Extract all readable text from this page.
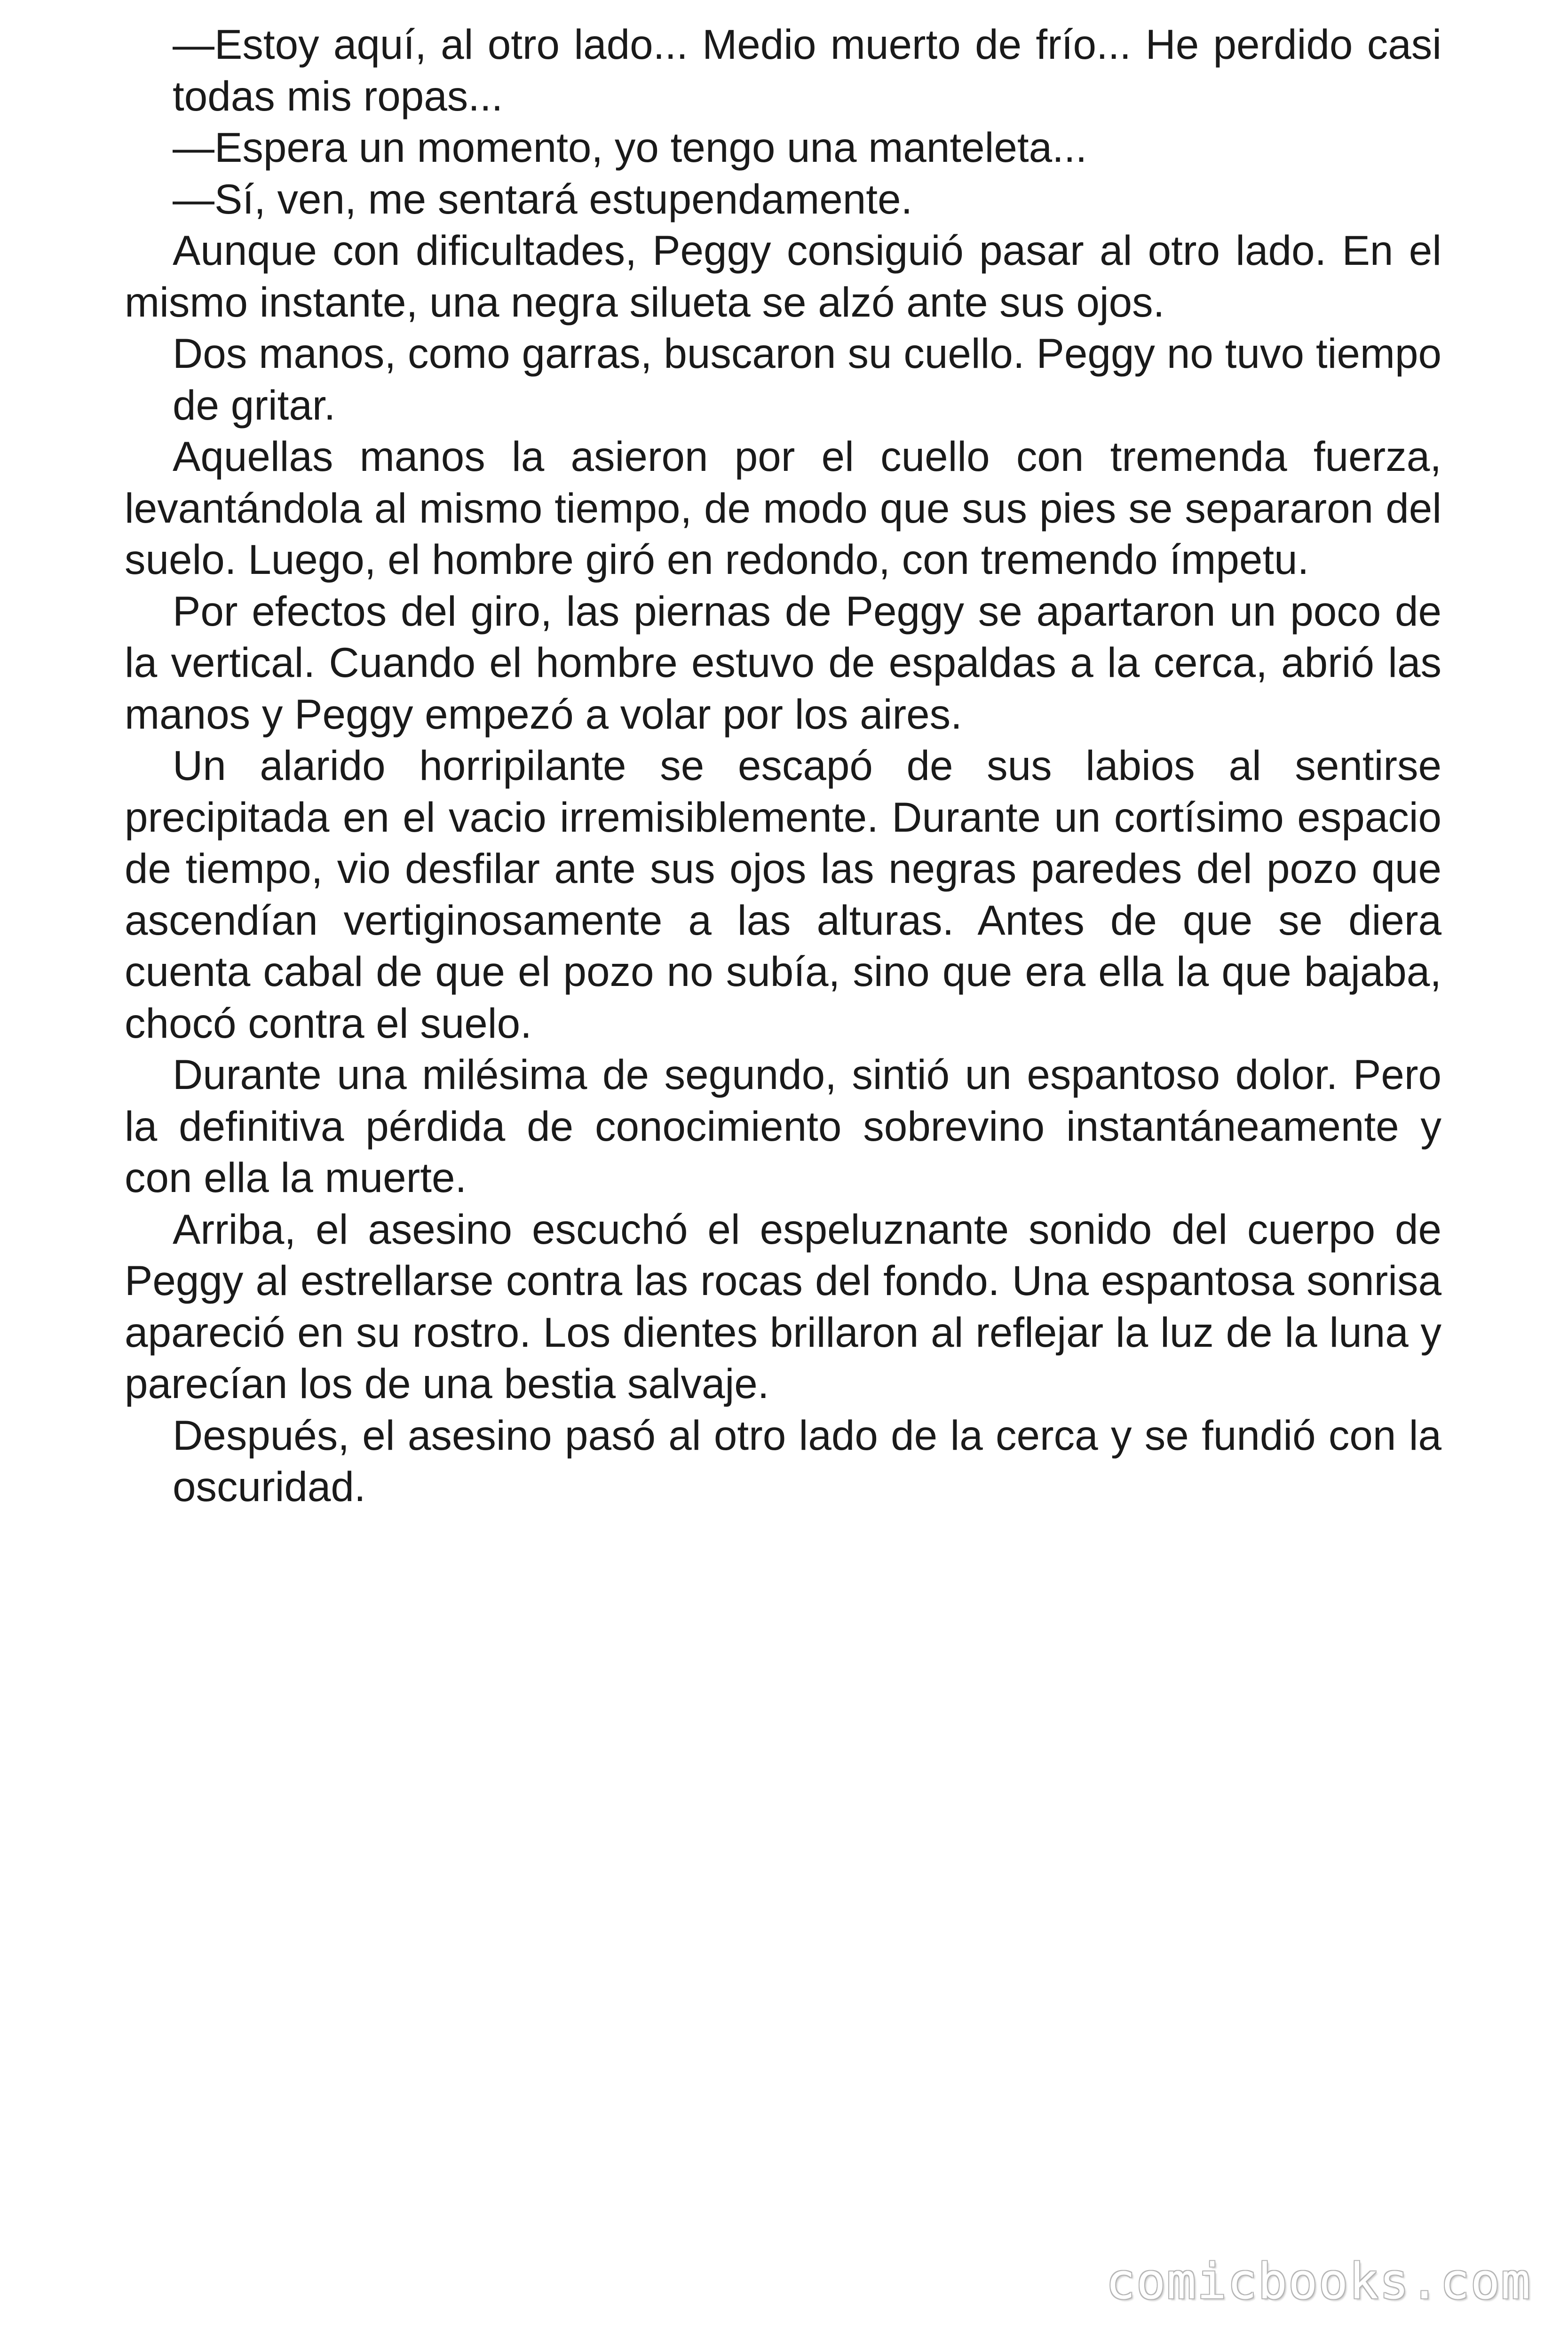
—Estoy aquí, al otro lado... Medio muerto de frío... He perdido casi todas mis ropas...

—Espera un momento, yo tengo una manteleta...

—Sí, ven, me sentará estupendamente.

Aunque con dificultades, Peggy consiguió pasar al otro lado. En el mismo instante, una negra silueta se alzó ante sus ojos.

Dos manos, como garras, buscaron su cuello. Peggy no tuvo tiempo de gritar.

Aquellas manos la asieron por el cuello con tremenda fuerza, levantándola al mismo tiempo, de modo que sus pies se separaron del suelo. Luego, el hombre giró en redondo, con tremendo ímpetu.

Por efectos del giro, las piernas de Peggy se apartaron un poco de la vertical. Cuando el hombre estuvo de espaldas a la cerca, abrió las manos y Peggy empezó a volar por los aires.

Un alarido horripilante se escapó de sus labios al sentirse precipitada en el vacio irremisiblemente. Durante un cortísimo espacio de tiempo, vio desfilar ante sus ojos las negras paredes del pozo que ascendían vertiginosamente a las alturas. Antes de que se diera cuenta cabal de que el pozo no subía, sino que era ella la que bajaba, chocó contra el suelo.

Durante una milésima de segundo, sintió un espantoso dolor. Pero la definitiva pérdida de conocimiento sobrevino instantáneamente y con ella la muerte.

Arriba, el asesino escuchó el espeluznante sonido del cuerpo de Peggy al estrellarse contra las rocas del fondo. Una espantosa sonrisa apareció en su rostro. Los dientes brillaron al reflejar la luz de la luna y parecían los de una bestia salvaje.

Después, el asesino pasó al otro lado de la cerca y se fundió con la oscuridad.

comicbooks.com
